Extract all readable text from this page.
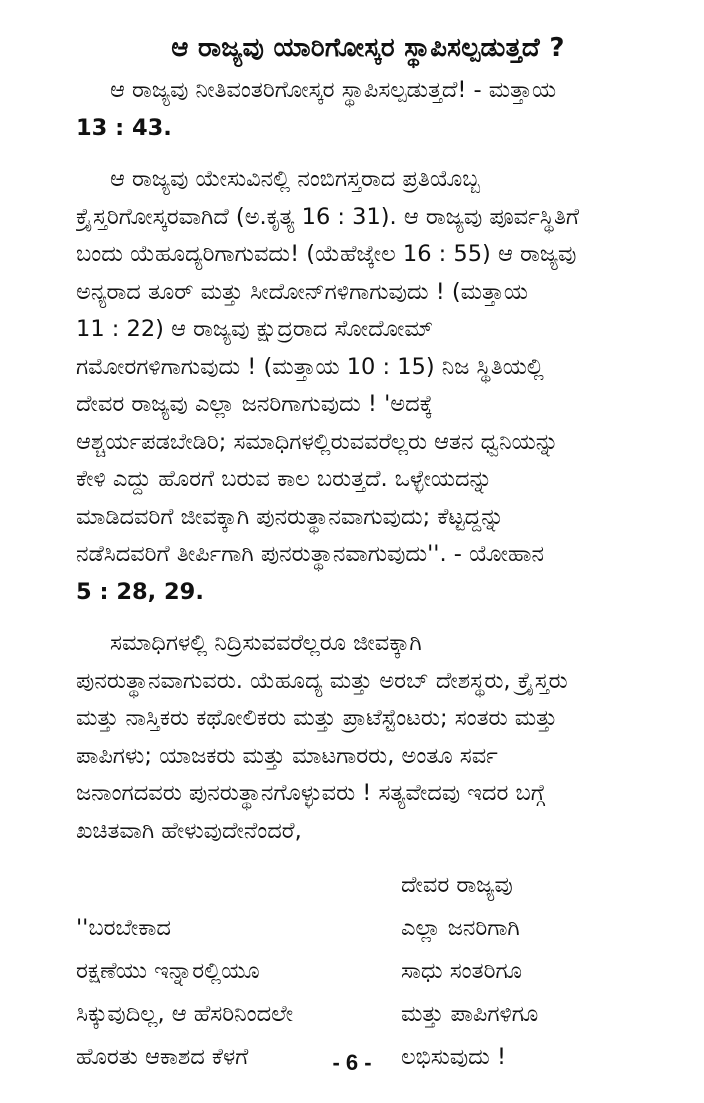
ಆ ರಾಜ್ಯವು ಯಾರಿಗೋಸ್ಕರ ಸ್ಥಾಪಿಸಲ್ಪಡುತ್ತದೆ ?
ಆ ರಾಜ್ಯವು ನೀತಿವಂತರಿಗೋಸ್ಕರ ಸ್ಥಾಪಿಸಲ್ಪಡುತ್ತದೆ! - ಮತ್ತಾಯ
13 : 43.
ಆ ರಾಜ್ಯವು ಯೇಸುವಿನಲ್ಲಿ ನಂಬಿಗಸ್ತರಾದ ಪ್ರತಿಯೊಬ್ಬ
ಕ್ರೈಸ್ತರಿಗೋಸ್ಕರವಾಗಿದೆ (ಅ.ಕೃತ್ಯ 16 : 31). ಆ ರಾಜ್ಯವು ಪೂರ್ವಸ್ಥಿತಿಗೆ
ಬಂದು ಯೆಹೂದ್ಯರಿಗಾಗುವದು! (ಯೆಹೆಜ್ಕೇಲ 16 : 55) ಆ ರಾಜ್ಯವು
ಅನ್ಯರಾದ ತೂರ್ ಮತ್ತು ಸೀದೋನ್‌ಗಳಿಗಾಗುವುದು ! (ಮತ್ತಾಯ
11 : 22) ಆ ರಾಜ್ಯವು ಕ್ಷುದ್ರರಾದ ಸೋದೋಮ್
ಗಮೋರಗಳಿಗಾಗುವುದು ! (ಮತ್ತಾಯ 10 : 15) ನಿಜ ಸ್ಥಿತಿಯಲ್ಲಿ
ದೇವರ ರಾಜ್ಯವು ಎಲ್ಲಾ ಜನರಿಗಾಗುವುದು ! 'ಅದಕ್ಕೆ
ಆಶ್ಚರ್ಯಪಡಬೇಡಿರಿ; ಸಮಾಧಿಗಳಲ್ಲಿರುವವರೆಲ್ಲರು ಆತನ ಧ್ವನಿಯನ್ನು
ಕೇಳಿ ಎದ್ದು ಹೊರಗೆ ಬರುವ ಕಾಲ ಬರುತ್ತದೆ. ಒಳ್ಳೇಯದನ್ನು
ಮಾಡಿದವರಿಗೆ ಜೀವಕ್ಕಾಗಿ ಪುನರುತ್ಥಾನವಾಗುವುದು; ಕೆಟ್ಟದ್ದನ್ನು
ನಡೆಸಿದವರಿಗೆ ತೀರ್ಪಿಗಾಗಿ ಪುನರುತ್ಥಾನವಾಗುವುದು''. - ಯೋಹಾನ
5 : 28, 29.
ಸಮಾಧಿಗಳಲ್ಲಿ ನಿದ್ರಿಸುವವರೆಲ್ಲರೂ ಜೀವಕ್ಕಾಗಿ
ಪುನರುತ್ಥಾನವಾಗುವರು. ಯೆಹೂದ್ಯ ಮತ್ತು ಅರಬ್ ದೇಶಸ್ಥರು, ಕ್ರೈಸ್ತರು
ಮತ್ತು ನಾಸ್ತಿಕರು ಕಥೋಲಿಕರು ಮತ್ತು ಪ್ರಾಟೆಸ್ಟೆಂಟರು; ಸಂತರು ಮತ್ತು
ಪಾಪಿಗಳು; ಯಾಜಕರು ಮತ್ತು ಮಾಟಗಾರರು, ಅಂತೂ ಸರ್ವ
ಜನಾಂಗದವರು ಪುನರುತ್ಥಾನಗೊಳ್ಳುವರು ! ಸತ್ಯವೇದವು ಇದರ ಬಗ್ಗೆ
ಖಚಿತವಾಗಿ ಹೇಳುವುದೇನೆಂದರೆ,
''ಬರಬೇಕಾದ
ರಕ್ಷಣೆಯು ಇನ್ನಾರಲ್ಲಿಯೂ
ಸಿಕ್ಕುವುದಿಲ್ಲ, ಆ ಹೆಸರಿನಿಂದಲೇ
ಹೊರತು ಆಕಾಶದ ಕೆಳಗೆ
ದೇವರ ರಾಜ್ಯವು
ಎಲ್ಲಾ ಜನರಿಗಾಗಿ
ಸಾಧು ಸಂತರಿಗೂ
ಮತ್ತು ಪಾಪಿಗಳಿಗೂ
ಲಭಿಸುವುದು !
- 6 -
